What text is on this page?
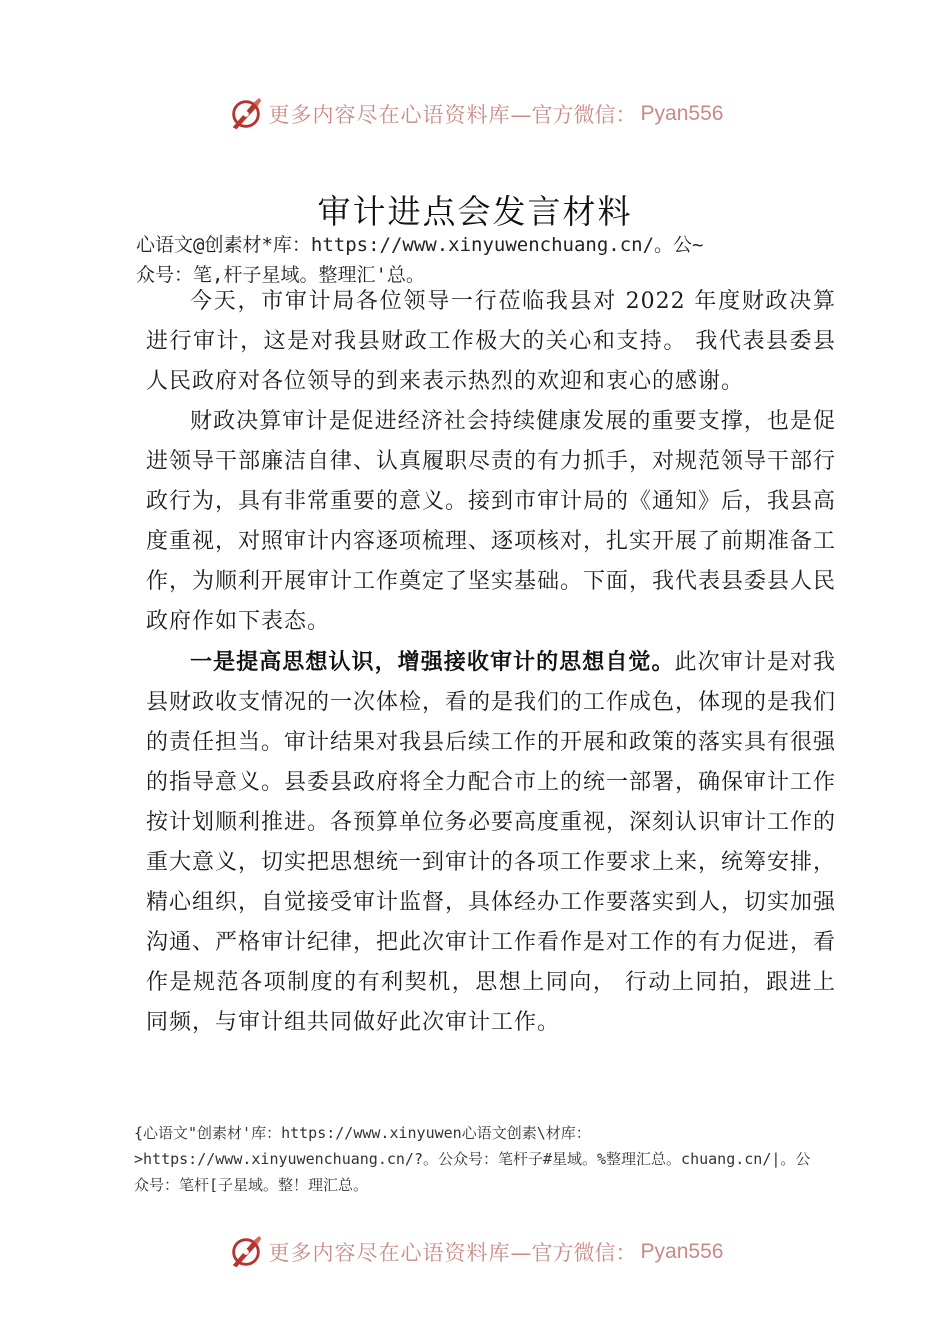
更多内容尽在心语资料库 —官方微信： Pyan556
审计进点会发言材料
心语文@创素材*库：https://www.xinyuwenchuang.cn/。公~
众号：笔,杆子星域。整理汇'总。

今天，市审计局各位领导一行莅临我县对 2022 年度财政决算进行审计，这是对我县财政工作极大的关心和支持。 我代表县委县人民政府对各位领导的到来表示热烈的欢迎和衷心的感谢。

财政决算审计是促进经济社会持续健康发展的重要支撑，也是促进领导干部廉洁自律、认真履职尽责的有力抓手，对规范领导干部行政行为，具有非常重要的意义。接到市审计局的《通知》后，我县高度重视，对照审计内容逐项梳理、逐项核对，扎实开展了前期准备工作，为顺利开展审计工作奠定了坚实基础。下面，我代表县委县人民政府作如下表态。

一是提高思想认识，增强接收审计的思想自觉。此次审计是对我县财政收支情况的一次体检，看的是我们的工作成色，体现的是我们的责任担当。审计结果对我县后续工作的开展和政策的落实具有很强的指导意义。县委县政府将全力配合市上的统一部署，确保审计工作按计划顺利推进。各预算单位务必要高度重视，深刻认识审计工作的重大意义，切实把思想统一到审计的各项工作要求上来，统筹安排，精心组织，自觉接受审计监督，具体经办工作要落实到人，切实加强沟通、严格审计纪律，把此次审计工作看作是对工作的有力促进，看作是规范各项制度的有利契机，思想上同向， 行动上同拍，跟进上同频，与审计组共同做好此次审计工作。

{心语文"创素材'库：https://www.xinyuwen心语文创素\材库：>https://www.xinyuwenchuang.cn/?。公众号：笔杆子#星域。%整理汇总。chuang.cn/|。公众号：笔杆[子星域。整！理汇总。
更多内容尽在心语资料库 —官方微信： Pyan556
